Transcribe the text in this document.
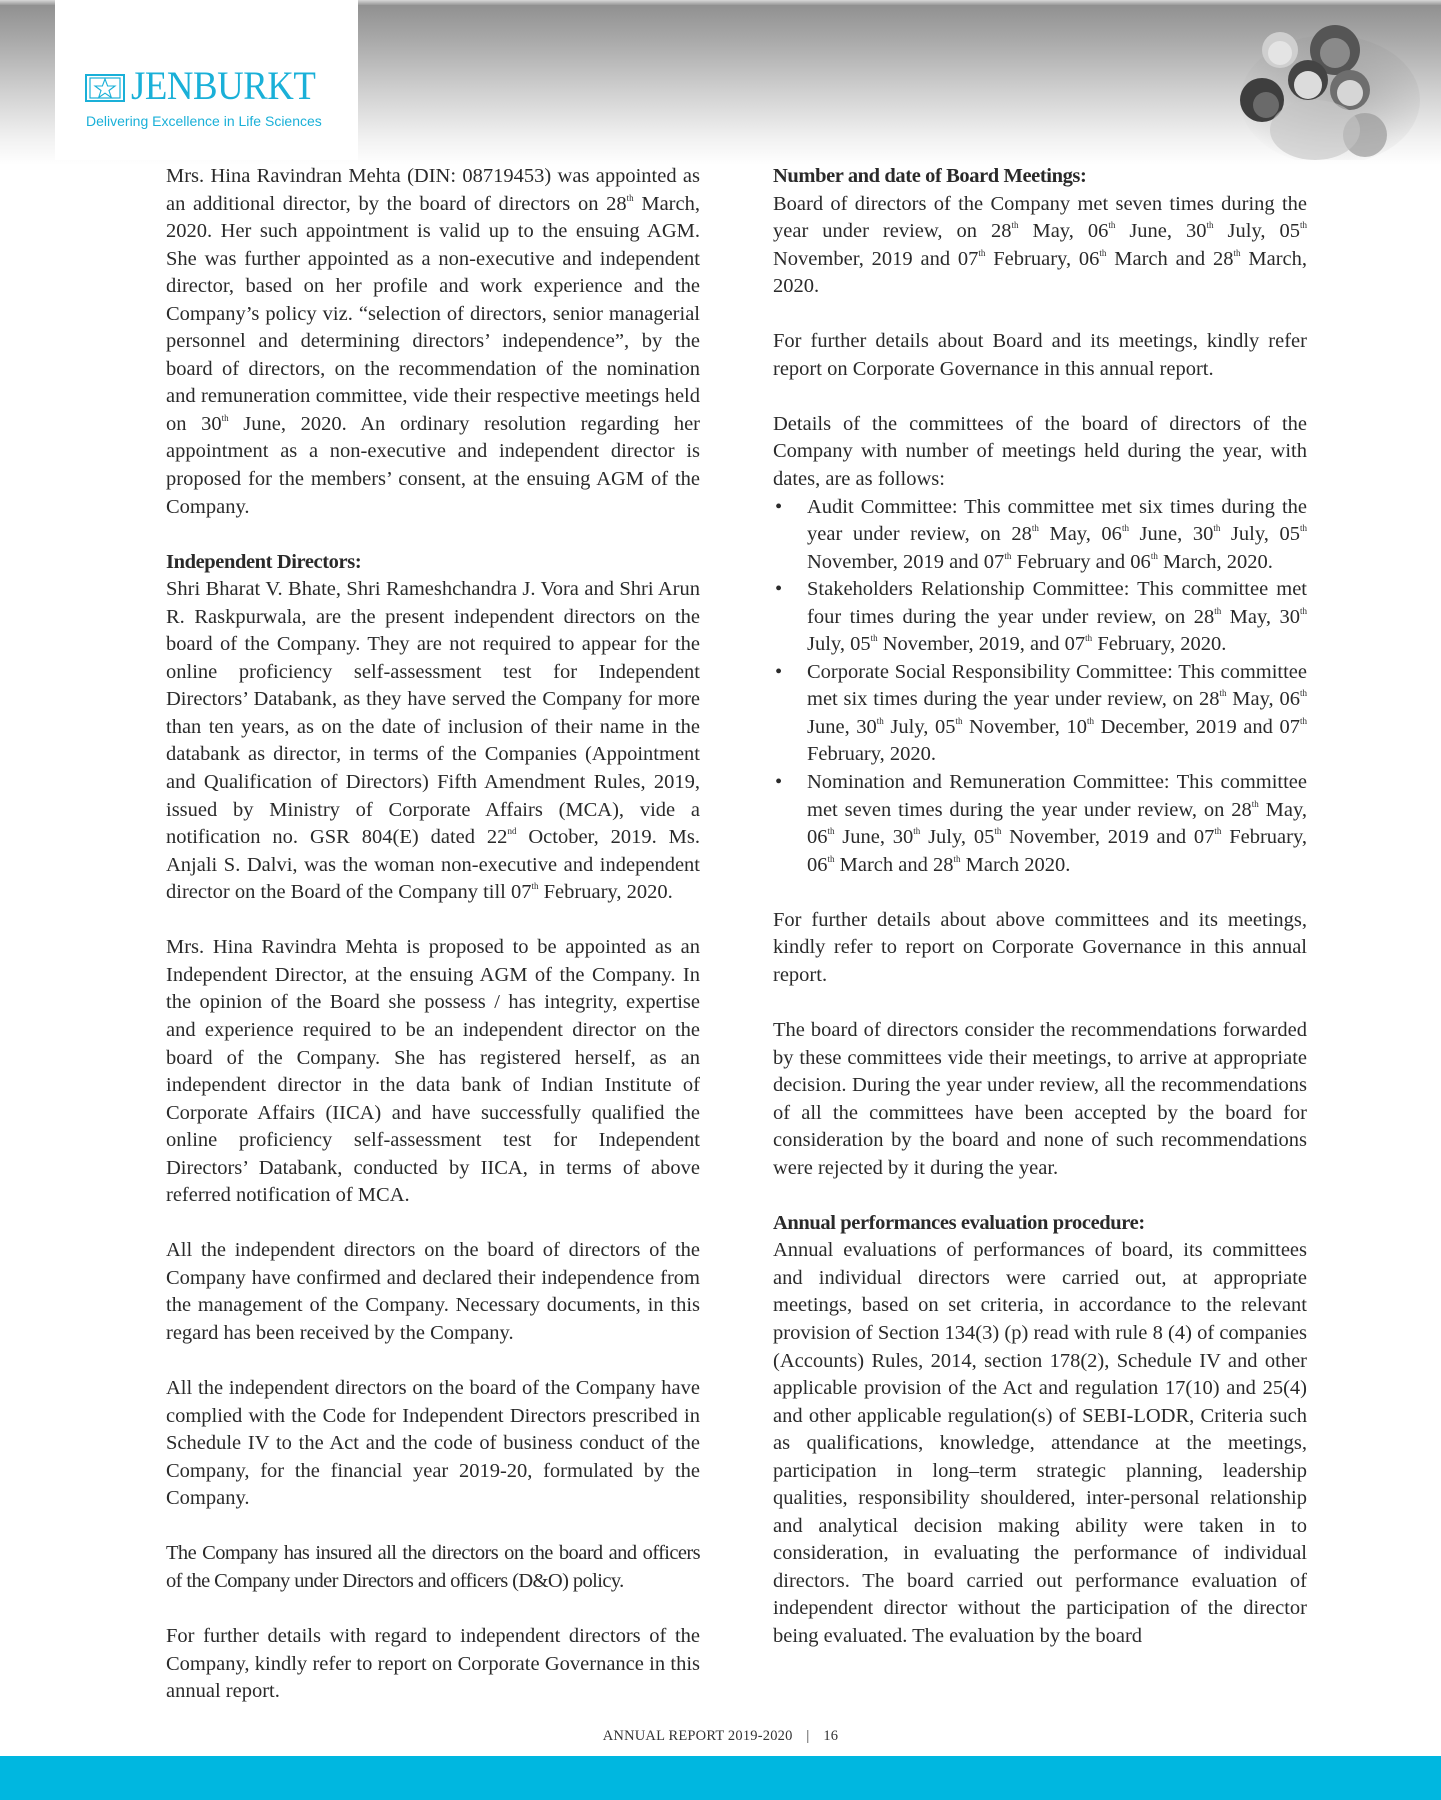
JENBURKT
Delivering Excellence in Life Sciences

Mrs. Hina Ravindran Mehta (DIN: 08719453) was appointed as an additional director, by the board of directors on 28th March, 2020. Her such appointment is valid up to the ensuing AGM. She was further appointed as a non-executive and independent director, based on her profile and work experience and the Company’s policy viz. “selection of directors, senior managerial personnel and determining directors’ independence”, by the board of directors, on the recommendation of the nomination and remuneration committee, vide their respective meetings held on 30th June, 2020. An ordinary resolution regarding her appointment as a non-executive and independent director is proposed for the members’ consent, at the ensuing AGM of the Company.

Independent Directors:
Shri Bharat V. Bhate, Shri Rameshchandra J. Vora and Shri Arun R. Raskpurwala, are the present independent directors on the board of the Company. They are not required to appear for the online proficiency self-assessment test for Independent Directors’ Databank, as they have served the Company for more than ten years, as on the date of inclusion of their name in the databank as director, in terms of the Companies (Appointment and Qualification of Directors) Fifth Amendment Rules, 2019, issued by Ministry of Corporate Affairs (MCA), vide a notification no. GSR 804(E) dated 22nd October, 2019. Ms. Anjali S. Dalvi, was the woman non-executive and independent director on the Board of the Company till 07th February, 2020.

Mrs. Hina Ravindra Mehta is proposed to be appointed as an Independent Director, at the ensuing AGM of the Company. In the opinion of the Board she possess / has integrity, expertise and experience required to be an independent director on the board of the Company. She has registered herself, as an independent director in the data bank of Indian Institute of Corporate Affairs (IICA) and have successfully qualified the online proficiency self-assessment test for Independent Directors’ Databank, conducted by IICA, in terms of above referred notification of MCA.

All the independent directors on the board of directors of the Company have confirmed and declared their independence from the management of the Company. Necessary documents, in this regard has been received by the Company.

All the independent directors on the board of the Company have complied with the Code for Independent Directors prescribed in Schedule IV to the Act and the code of business conduct of the Company, for the financial year 2019-20, formulated by the Company.

The Company has insured all the directors on the board and officers of the Company under Directors and officers (D&O) policy.

For further details with regard to independent directors of the Company, kindly refer to report on Corporate Governance in this annual report.

Number and date of Board Meetings:
Board of directors of the Company met seven times during the year under review, on 28th May, 06th June, 30th July, 05th November, 2019 and 07th February, 06th March and 28th March, 2020.

For further details about Board and its meetings, kindly refer report on Corporate Governance in this annual report.

Details of the committees of the board of directors of the Company with number of meetings held during the year, with dates, are as follows:

• Audit Committee: This committee met six times during the year under review, on 28th May, 06th June, 30th July, 05th November, 2019 and 07th February and 06th March, 2020.
• Stakeholders Relationship Committee: This committee met four times during the year under review, on 28th May, 30th July, 05th November, 2019, and 07th February, 2020.
• Corporate Social Responsibility Committee: This committee met six times during the year under review, on 28th May, 06th June, 30th July, 05th November, 10th December, 2019 and 07th February, 2020.
• Nomination and Remuneration Committee: This committee met seven times during the year under review, on 28th May, 06th June, 30th July, 05th November, 2019 and 07th February, 06th March and 28th March 2020.

For further details about above committees and its meetings, kindly refer to report on Corporate Governance in this annual report.

The board of directors consider the recommendations forwarded by these committees vide their meetings, to arrive at appropriate decision. During the year under review, all the recommendations of all the committees have been accepted by the board for consideration by the board and none of such recommendations were rejected by it during the year.

Annual performances evaluation procedure:
Annual evaluations of performances of board, its committees and individual directors were carried out, at appropriate meetings, based on set criteria, in accordance to the relevant provision of Section 134(3) (p) read with rule 8 (4) of companies (Accounts) Rules, 2014, section 178(2), Schedule IV and other applicable provision of the Act and regulation 17(10) and 25(4) and other applicable regulation(s) of SEBI-LODR, Criteria such as qualifications, knowledge, attendance at the meetings, participation in long–term strategic planning, leadership qualities, responsibility shouldered, inter-personal relationship and analytical decision making ability were taken in to consideration, in evaluating the performance of individual directors. The board carried out performance evaluation of independent director without the participation of the director being evaluated. The evaluation by the board

ANNUAL REPORT 2019-2020 | 16
